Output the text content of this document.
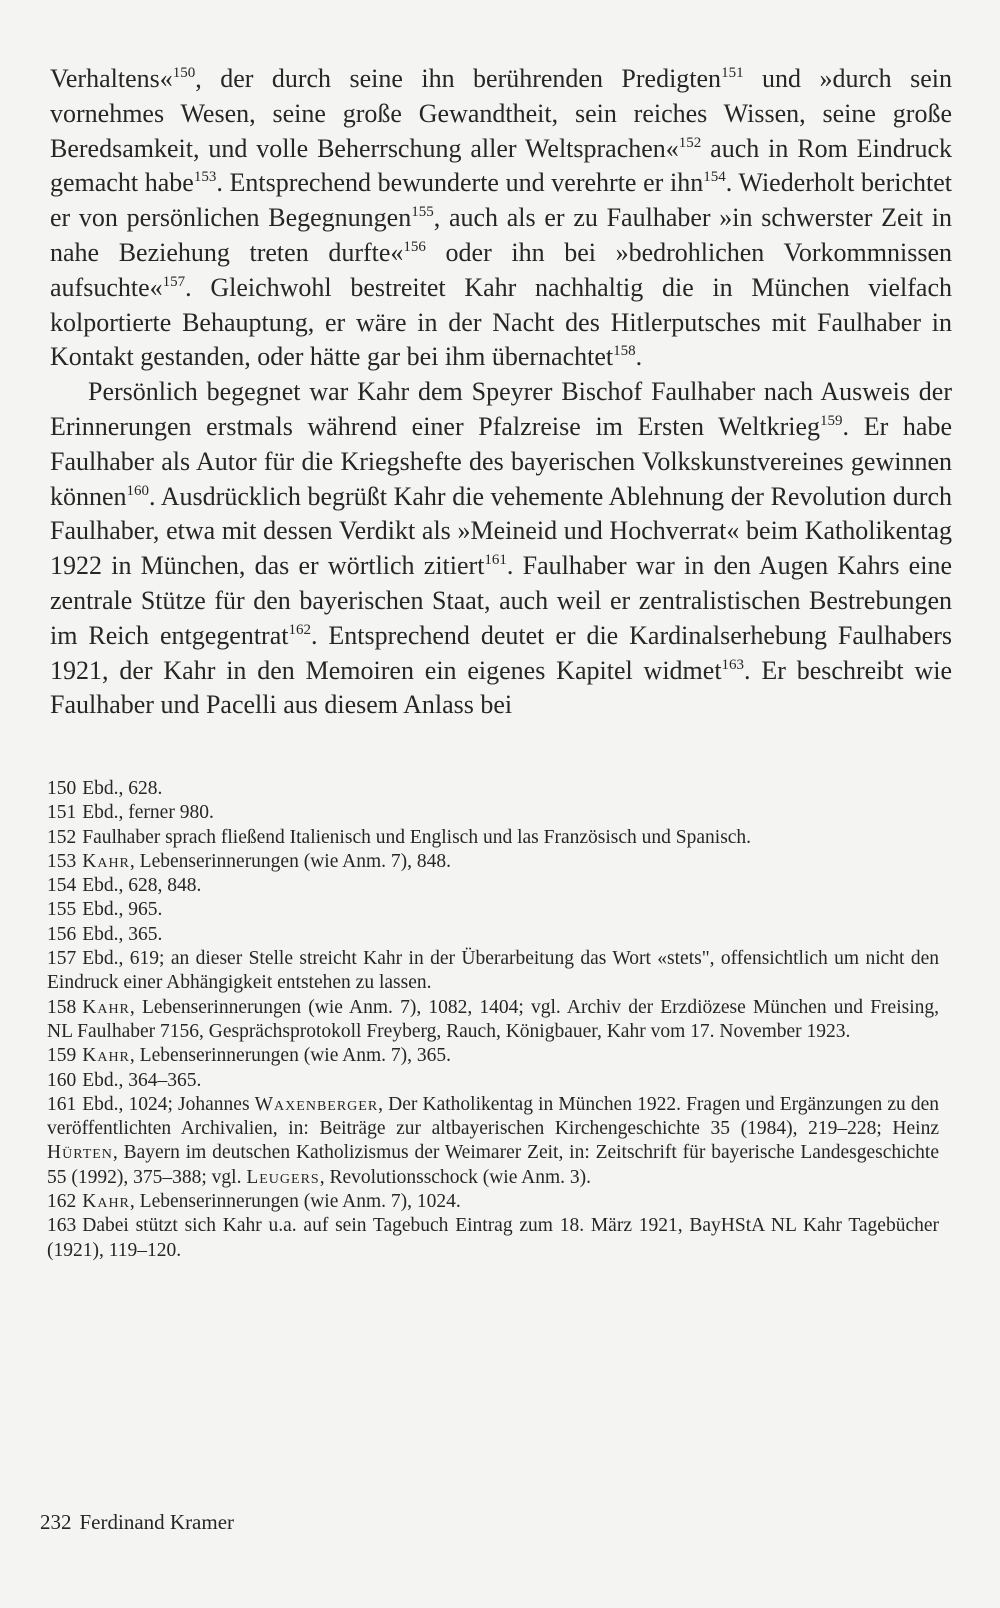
Verhaltens«$^{150}$, der durch seine ihn berührenden Predigten$^{151}$ und »durch sein vornehmes Wesen, seine große Gewandtheit, sein reiches Wissen, seine große Beredsamkeit, und volle Beherrschung aller Weltsprachen«$^{152}$ auch in Rom Eindruck gemacht habe$^{153}$. Entsprechend bewunderte und verehrte er ihn$^{154}$. Wiederholt berichtet er von persönlichen Begegnungen$^{155}$, auch als er zu Faulhaber »in schwerster Zeit in nahe Beziehung treten durfte«$^{156}$ oder ihn bei »bedrohlichen Vorkommnissen aufsuchte«$^{157}$. Gleichwohl bestreitet Kahr nachhaltig die in München vielfach kolportierte Behauptung, er wäre in der Nacht des Hitlerputsches mit Faulhaber in Kontakt gestanden, oder hätte gar bei ihm übernachtet$^{158}$.

Persönlich begegnet war Kahr dem Speyrer Bischof Faulhaber nach Ausweis der Erinnerungen erstmals während einer Pfalzreise im Ersten Weltkrieg$^{159}$. Er habe Faulhaber als Autor für die Kriegshefte des bayerischen Volkskunstvereines gewinnen können$^{160}$. Ausdrücklich begrüßt Kahr die vehemente Ablehnung der Revolution durch Faulhaber, etwa mit dessen Verdikt als »Meineid und Hochverrat« beim Katholikentag 1922 in München, das er wörtlich zitiert$^{161}$. Faulhaber war in den Augen Kahrs eine zentrale Stütze für den bayerischen Staat, auch weil er zentralistischen Bestrebungen im Reich entgegentrat$^{162}$. Entsprechend deutet er die Kardinalserhebung Faulhabers 1921, der Kahr in den Memoiren ein eigenes Kapitel widmet$^{163}$. Er beschreibt wie Faulhaber und Pacelli aus diesem Anlass bei

150 Ebd., 628.

151 Ebd., ferner 980.

152 Faulhaber sprach fließend Italienisch und Englisch und las Französisch und Spanisch.

153 Kahr, Lebenserinnerungen (wie Anm. 7), 848.

154 Ebd., 628, 848.

155 Ebd., 965.

156 Ebd., 365.

157 Ebd., 619; an dieser Stelle streicht Kahr in der Überarbeitung das Wort «stets", offensichtlich um nicht den Eindruck einer Abhängigkeit entstehen zu lassen.

158 Kahr, Lebenserinnerungen (wie Anm. 7), 1082, 1404; vgl. Archiv der Erzdiözese München und Freising, NL Faulhaber 7156, Gesprächsprotokoll Freyberg, Rauch, Königbauer, Kahr vom 17. November 1923.

159 Kahr, Lebenserinnerungen (wie Anm. 7), 365.

160 Ebd., 364–365.

161 Ebd., 1024; Johannes Waxenberger, Der Katholikentag in München 1922. Fragen und Ergänzungen zu den veröffentlichten Archivalien, in: Beiträge zur altbayerischen Kirchengeschichte 35 (1984), 219–228; Heinz Hürten, Bayern im deutschen Katholizismus der Weimarer Zeit, in: Zeitschrift für bayerische Landesgeschichte 55 (1992), 375–388; vgl. Leugers, Revolutionsschock (wie Anm. 3).

162 Kahr, Lebenserinnerungen (wie Anm. 7), 1024.

163 Dabei stützt sich Kahr u.a. auf sein Tagebuch Eintrag zum 18. März 1921, BayHStA NL Kahr Tagebücher (1921), 119–120.

232 Ferdinand Kramer
